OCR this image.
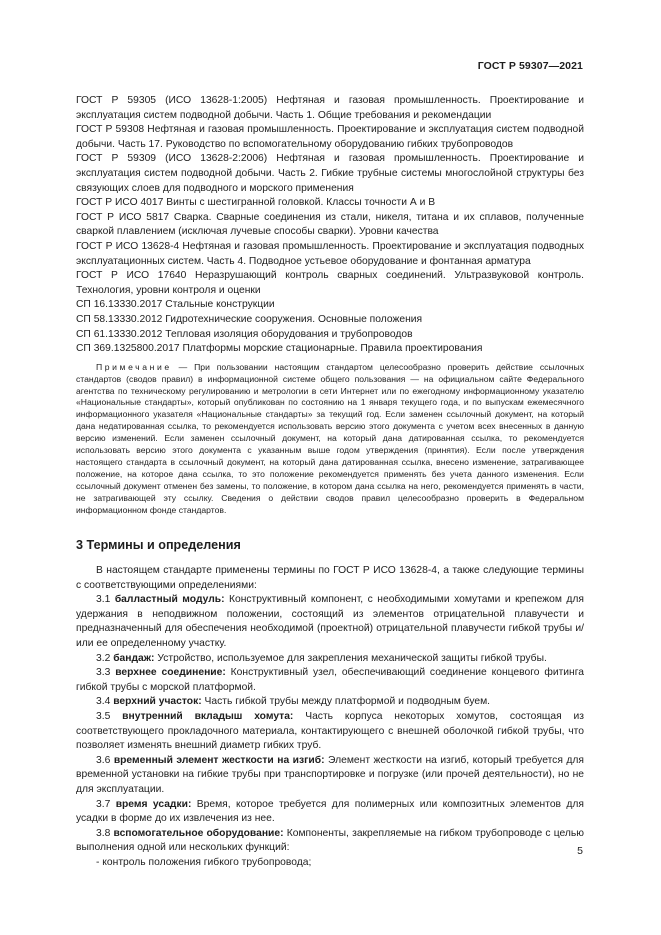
ГОСТ Р 59307—2021

ГОСТ Р 59305 (ИСО 13628-1:2005) Нефтяная и газовая промышленность. Проектирование и эксплуатация систем подводной добычи. Часть 1. Общие требования и рекомендации

ГОСТ Р 59308 Нефтяная и газовая промышленность. Проектирование и эксплуатация систем подводной добычи. Часть 17. Руководство по вспомогательному оборудованию гибких трубопроводов

ГОСТ Р 59309 (ИСО 13628-2:2006) Нефтяная и газовая промышленность. Проектирование и эксплуатация систем подводной добычи. Часть 2. Гибкие трубные системы многослойной структуры без связующих слоев для подводного и морского применения

ГОСТ Р ИСО 4017 Винты с шестигранной головкой. Классы точности А и В

ГОСТ Р ИСО 5817 Сварка. Сварные соединения из стали, никеля, титана и их сплавов, полученные сваркой плавлением (исключая лучевые способы сварки). Уровни качества

ГОСТ Р ИСО 13628-4 Нефтяная и газовая промышленность. Проектирование и эксплуатация подводных эксплуатационных систем. Часть 4. Подводное устьевое оборудование и фонтанная арматура

ГОСТ Р ИСО 17640 Неразрушающий контроль сварных соединений. Ультразвуковой контроль. Технология, уровни контроля и оценки

СП 16.13330.2017 Стальные конструкции

СП 58.13330.2012 Гидротехнические сооружения. Основные положения

СП 61.13330.2012 Тепловая изоляция оборудования и трубопроводов

СП 369.1325800.2017 Платформы морские стационарные. Правила проектирования

Примечание — При пользовании настоящим стандартом целесообразно проверить действие ссылочных стандартов (сводов правил) в информационной системе общего пользования — на официальном сайте Федерального агентства по техническому регулированию и метрологии в сети Интернет или по ежегодному информационному указателю «Национальные стандарты», который опубликован по состоянию на 1 января текущего года, и по выпускам ежемесячного информационного указателя «Национальные стандарты» за текущий год. Если заменен ссылочный документ, на который дана недатированная ссылка, то рекомендуется использовать версию этого документа с учетом всех внесенных в данную версию изменений. Если заменен ссылочный документ, на который дана датированная ссылка, то рекомендуется использовать версию этого документа с указанным выше годом утверждения (принятия). Если после утверждения настоящего стандарта в ссылочный документ, на который дана датированная ссылка, внесено изменение, затрагивающее положение, на которое дана ссылка, то это положение рекомендуется применять без учета данного изменения. Если ссылочный документ отменен без замены, то положение, в котором дана ссылка на него, рекомендуется применять в части, не затрагивающей эту ссылку. Сведения о действии сводов правил целесообразно проверить в Федеральном информационном фонде стандартов.

3 Термины и определения

В настоящем стандарте применены термины по ГОСТ Р ИСО 13628-4, а также следующие термины с соответствующими определениями:

3.1 балластный модуль: Конструктивный компонент, с необходимыми хомутами и крепежом для удержания в неподвижном положении, состоящий из элементов отрицательной плавучести и предназначенный для обеспечения необходимой (проектной) отрицательной плавучести гибкой трубы и/или ее определенному участку.

3.2 бандаж: Устройство, используемое для закрепления механической защиты гибкой трубы.

3.3 верхнее соединение: Конструктивный узел, обеспечивающий соединение концевого фитинга гибкой трубы с морской платформой.

3.4 верхний участок: Часть гибкой трубы между платформой и подводным буем.

3.5 внутренний вкладыш хомута: Часть корпуса некоторых хомутов, состоящая из соответствующего прокладочного материала, контактирующего с внешней оболочкой гибкой трубы, что позволяет изменять внешний диаметр гибких труб.

3.6 временный элемент жесткости на изгиб: Элемент жесткости на изгиб, который требуется для временной установки на гибкие трубы при транспортировке и погрузке (или прочей деятельности), но не для эксплуатации.

3.7 время усадки: Время, которое требуется для полимерных или композитных элементов для усадки в форме до их извлечения из нее.

3.8 вспомогательное оборудование: Компоненты, закрепляемые на гибком трубопроводе с целью выполнения одной или нескольких функций:

- контроль положения гибкого трубопровода;

5
